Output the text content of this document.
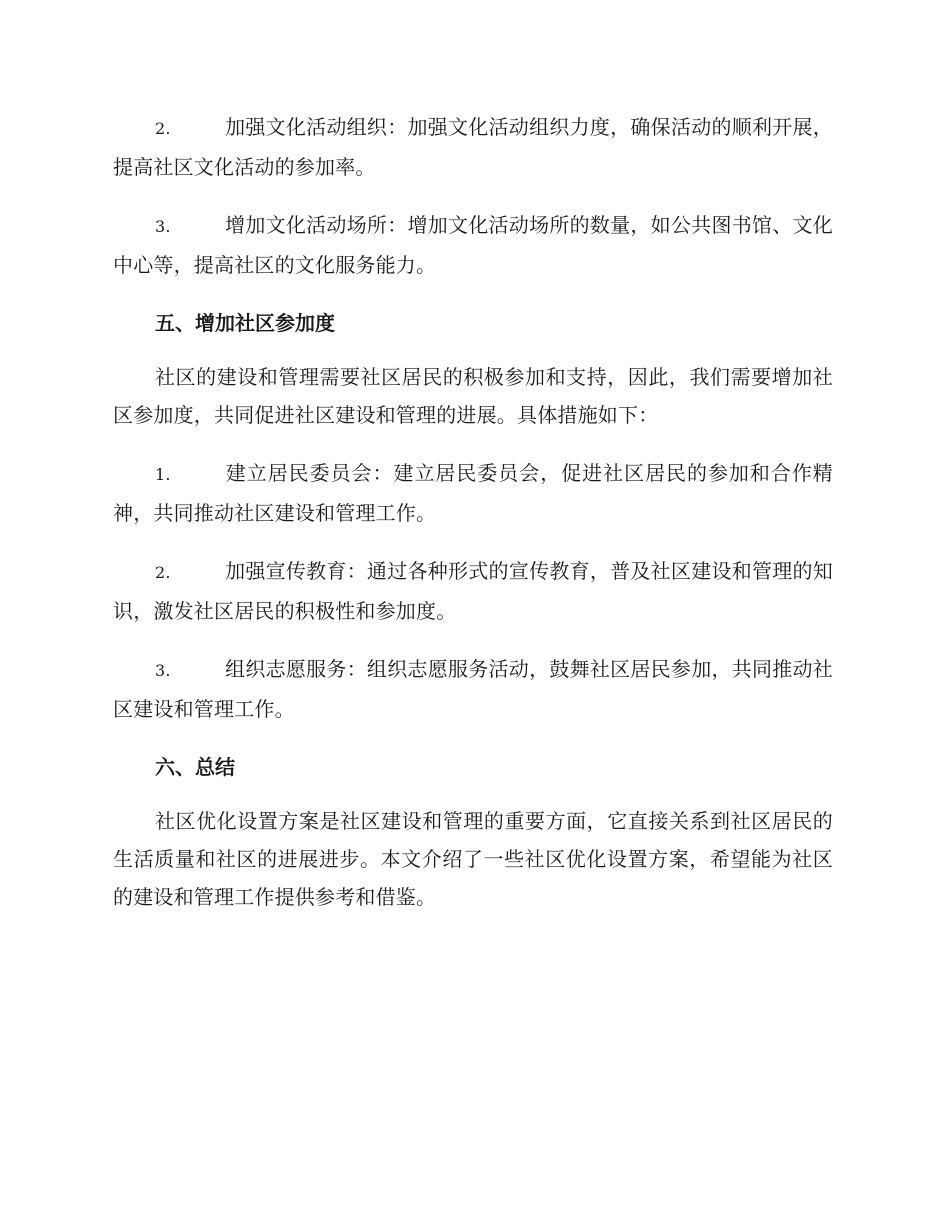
2.	加强文化活动组织：加强文化活动组织力度，确保活动的顺利开展，提高社区文化活动的参加率。

3.	增加文化活动场所：增加文化活动场所的数量，如公共图书馆、文化中心等，提高社区的文化服务能力。

五、增加社区参加度

社区的建设和管理需要社区居民的积极参加和支持，因此，我们需要增加社区参加度，共同促进社区建设和管理的进展。具体措施如下：

1.	建立居民委员会：建立居民委员会，促进社区居民的参加和合作精神，共同推动社区建设和管理工作。

2.	加强宣传教育：通过各种形式的宣传教育，普及社区建设和管理的知识，激发社区居民的积极性和参加度。

3.	组织志愿服务：组织志愿服务活动，鼓舞社区居民参加，共同推动社区建设和管理工作。

六、总结

社区优化设置方案是社区建设和管理的重要方面，它直接关系到社区居民的生活质量和社区的进展进步。本文介绍了一些社区优化设置方案，希望能为社区的建设和管理工作提供参考和借鉴。
